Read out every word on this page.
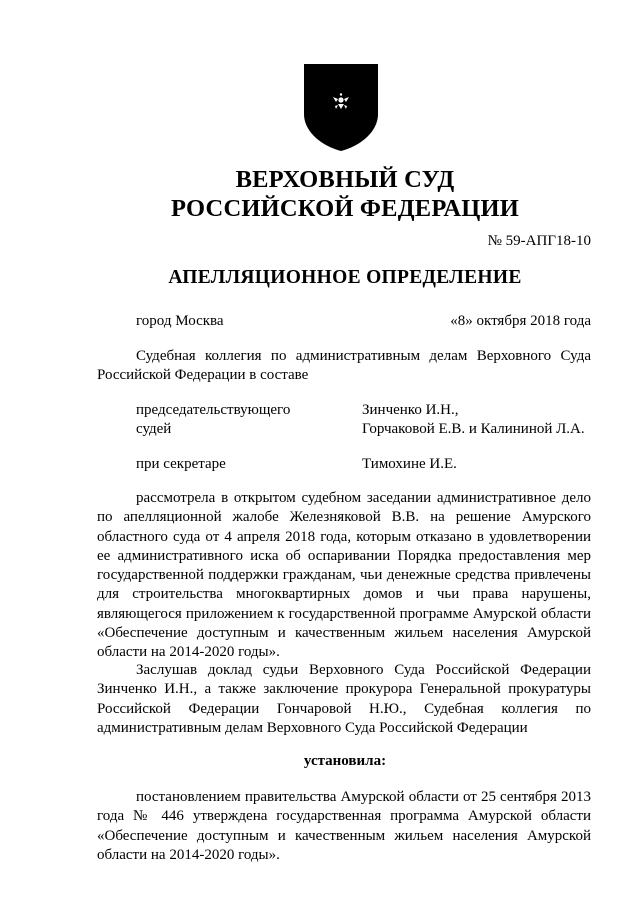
ВЕРХОВНЫЙ СУД
РОССИЙСКОЙ ФЕДЕРАЦИИ
№ 59-АПГ18-10
АПЕЛЛЯЦИОННОЕ ОПРЕДЕЛЕНИЕ
город Москва	«8» октября 2018 года
Судебная коллегия по административным делам Верховного Суда Российской Федерации в составе
председательствующего	Зинченко И.Н.,
судей	Горчаковой Е.В. и Калининой Л.А.
при секретаре	Тимохине И.Е.
рассмотрела в открытом судебном заседании административное дело по апелляционной жалобе Железняковой В.В. на решение Амурского областного суда от 4 апреля 2018 года, которым отказано в удовлетворении ее административного иска об оспаривании Порядка предоставления мер государственной поддержки гражданам, чьи денежные средства привлечены для строительства многоквартирных домов и чьи права нарушены, являющегося приложением к государственной программе Амурской области «Обеспечение доступным и качественным жильем населения Амурской области на 2014-2020 годы».
Заслушав доклад судьи Верховного Суда Российской Федерации Зинченко И.Н., а также заключение прокурора Генеральной прокуратуры Российской Федерации Гончаровой Н.Ю., Судебная коллегия по административным делам Верховного Суда Российской Федерации
установила:
постановлением правительства Амурской области от 25 сентября 2013 года № 446 утверждена государственная программа Амурской области «Обеспечение доступным и качественным жильем населения Амурской области на 2014-2020 годы».
